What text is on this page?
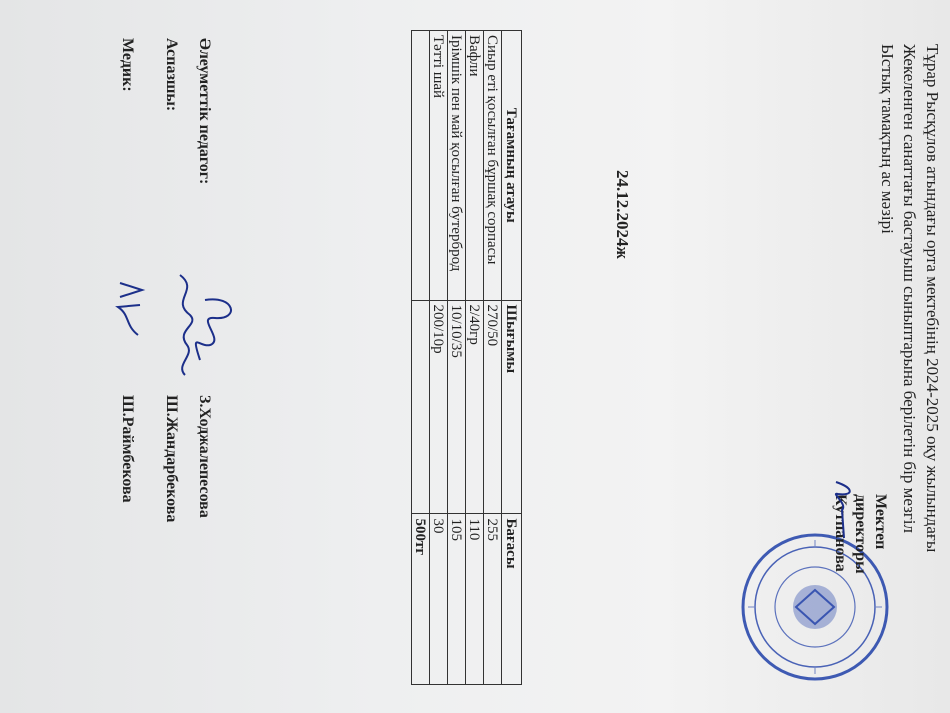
Тұрар Рысқұлов атындағы орта мектебінің 2024-2025 оқу жылындағы
Жекеленген санаттағы бастауыш сыныптарына берілетін бір мезгіл
Ыстық тамақтың ас мәзірі
Мектеп
директоры
Кутпанова
24.12.2024ж
Тағамның атауы	Шығымы	Бағасы
Сиыр еті қосылған бұршақ сорпасы	270/50	255
Вафли	2/40гр	110
Ірімшік пен май қосылған бутерброд	10/10/35	105
Тәтті шай	200/10р	30
		500тг
Әлеуметтік педагог:
З.Ходжалепесова
Аспазшы:
Ш.Жандарбекова
Медик:
Ш.Раймбекова
